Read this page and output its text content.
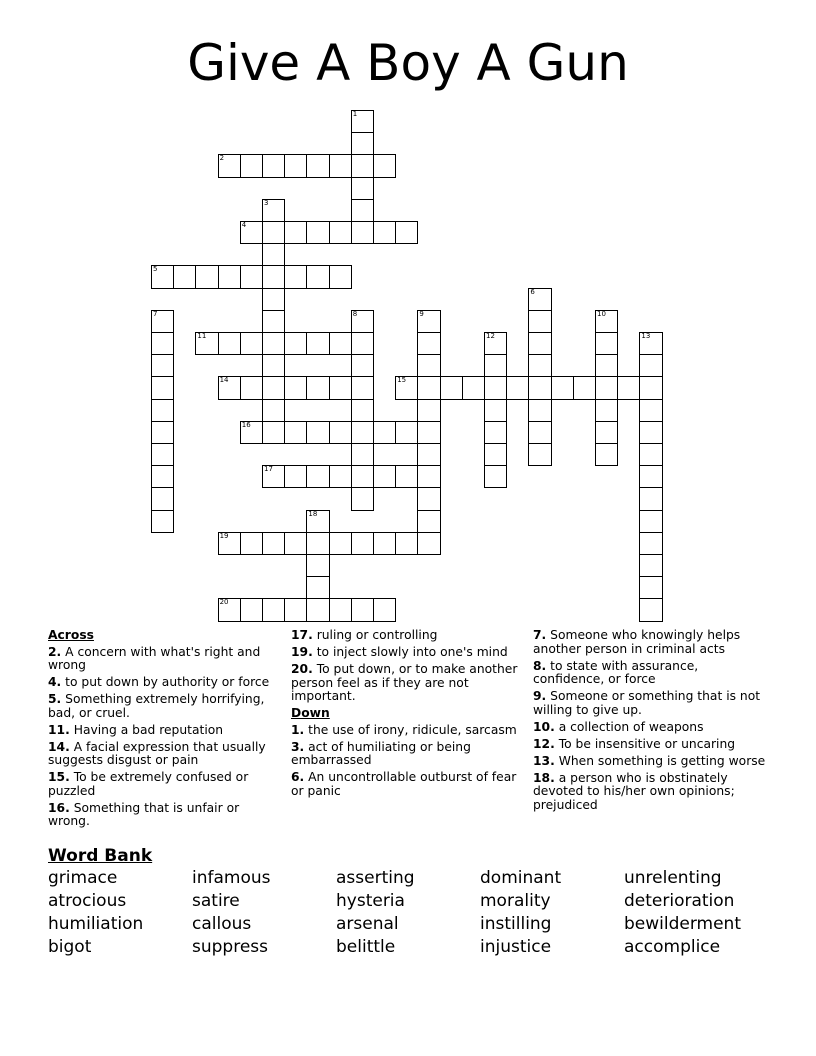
Give A Boy A Gun
1
2
3
4
5
6
7	8	9	10
11	12	13
14	15
16
17
18
19
20
Across
2. A concern with what's right and wrong
4. to put down by authority or force
5. Something extremely horrifying, bad, or cruel.
11. Having a bad reputation
14. A facial expression that usually suggests disgust or pain
15. To be extremely confused or puzzled
16. Something that is unfair or wrong.
17. ruling or controlling
19. to inject slowly into one's mind
20. To put down, or to make another person feel as if they are not important.
Down
1. the use of irony, ridicule, sarcasm
3. act of humiliating or being embarrassed
6. An uncontrollable outburst of fear or panic
7. Someone who knowingly helps another person in criminal acts
8. to state with assurance, confidence, or force
9. Someone or something that is not willing to give up.
10. a collection of weapons
12. To be insensitive or uncaring
13. When something is getting worse
18. a person who is obstinately devoted to his/her own opinions; prejudiced
Word Bank
grimace	infamous	asserting	dominant	unrelenting
atrocious	satire	hysteria	morality	deterioration
humiliation	callous	arsenal	instilling	bewilderment
bigot	suppress	belittle	injustice	accomplice
